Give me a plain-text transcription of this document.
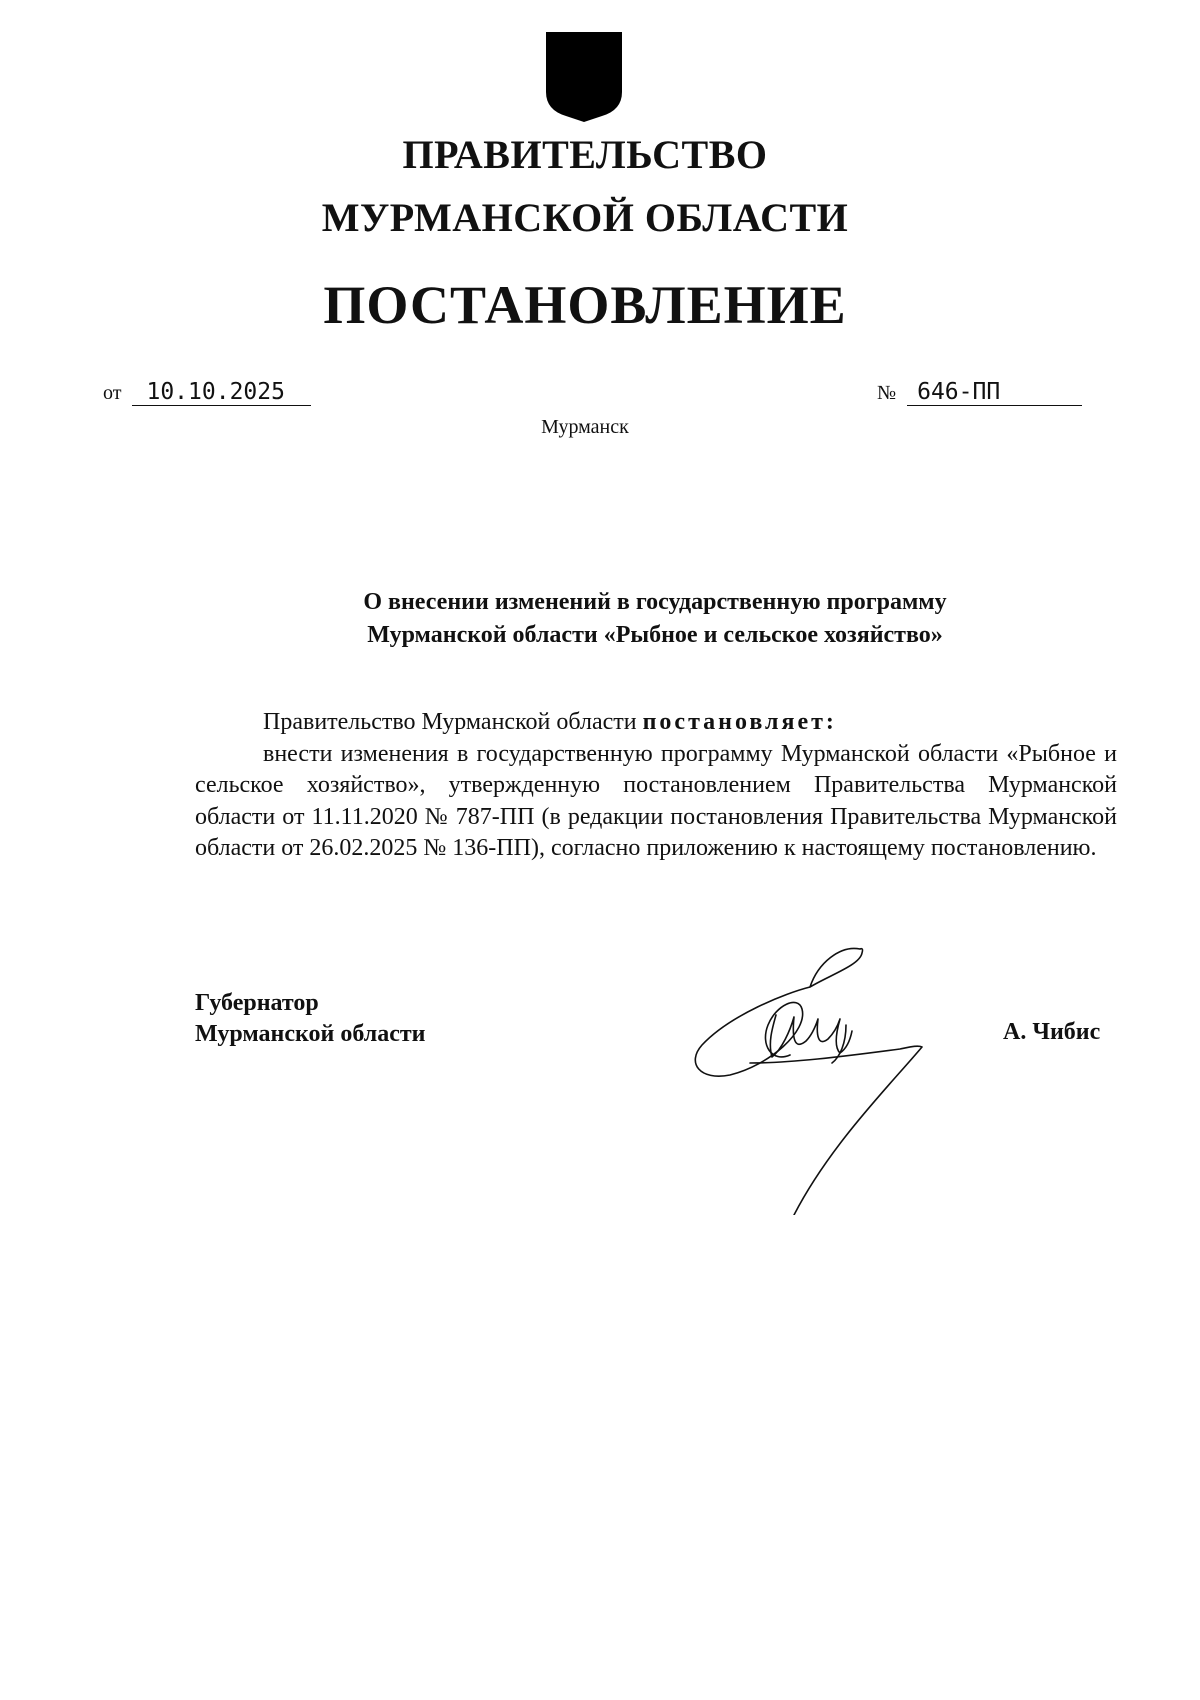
ПРАВИТЕЛЬСТВО
МУРМАНСКОЙ ОБЛАСТИ
ПОСТАНОВЛЕНИЕ
от 10.10.2025	№ 646-ПП
Мурманск
О внесении изменений в государственную программу
Мурманской области «Рыбное и сельское хозяйство»

Правительство Мурманской области постановляет:

внести изменения в государственную программу Мурманской области «Рыбное и сельское хозяйство», утвержденную постановлением Правительства Мурманской области от 11.11.2020 № 787-ПП (в редакции постановления Правительства Мурманской области от 26.02.2025 № 136-ПП), согласно приложению к настоящему постановлению.

Губернатор
Мурманской области	А. Чибис
